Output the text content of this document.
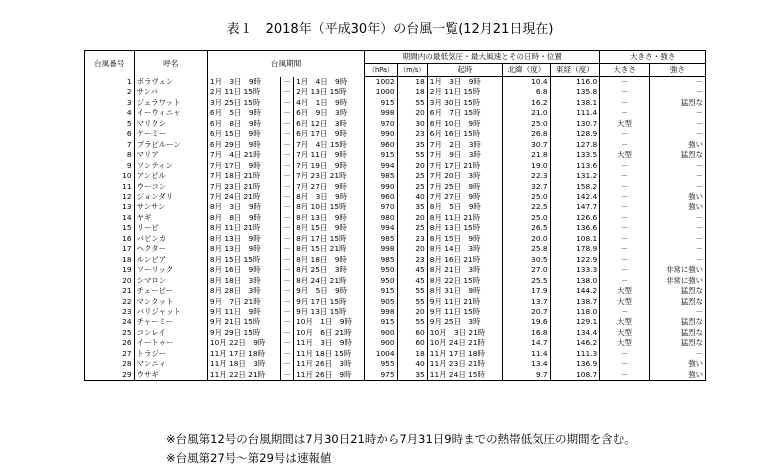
表１　2018年（平成30年）の台風一覧(12月21日現在)
台風番号	呼名	台風期間			期間内の最低気圧・最大風速とその日時・位置					大きさ・強さ	
					（hPa）	（m/s）	起時	北緯（度）	東経（度）	大きさ	強さ
1	ボラヴェン	1月　3日　9時	－	1月　4日　9時	1002	18	1月　3日　9時	10.4	116.0	－	－
2	サンバ	2月 11日 15時	－	2月 13日 15時	1000	18	2月 11日 15時	6.8	135.8	－	－
3	ジェラワット	3月 25日 15時	－	4月　1日　9時	915	55	3月 30日 15時	16.2	138.1	－	猛烈な
4	イーウィニャ	6月　5日　9時	－	6月　9日　3時	998	20	6月　7日 15時	21.0	111.4	－	－
5	マリクシ	6月　8日　9時	－	6月 12日　3時	970	30	6月 10日　9時	25.0	130.7	大型	－
6	ケーミー	6月 15日　9時	－	6月 17日　9時	990	23	6月 16日 15時	26.8	128.9	－	－
7	プラピルーン	6月 29日　9時	－	7月　4日 15時	960	35	7月　2日　3時	30.7	127.8	－	強い
8	マリア	7月　4日 21時	－	7月 11日　9時	915	55	7月　9日　3時	21.8	133.5	大型	猛烈な
9	ソンティン	7月 17日　9時	－	7月 19日　9時	994	20	7月 17日 21時	19.0	113.6	－	－
10	アンピル	7月 18日 21時	－	7月 23日 21時	985	25	7月 20日　3時	22.3	131.2	－	－
11	ウーコン	7月 23日 21時	－	7月 27日　9時	990	25	7月 25日　9時	32.7	158.2	－	－
12	ジョンダリ	7月 24日 21時	－	8月　3日　9時	960	40	7月 27日　9時	25.0	142.4	－	強い
13	サンサン	8月　3日　9時	－	8月 10日 15時	970	35	8月　5日　9時	22.5	147.7	－	強い
14	ヤギ	8月　8日　9時	－	8月 13日　9時	980	20	8月 11日 21時	25.0	126.6	－	－
15	リーピ	8月 11日 21時	－	8月 15日　9時	994	25	8月 13日 15時	26.5	136.6	－	－
16	バビンカ	8月 13日　9時	－	8月 17日 15時	985	23	8月 15日　9時	20.0	108.1	－	－
17	ヘクター	8月 13日　9時	－	8月 15日 21時	998	20	8月 14日　3時	25.8	178.9	－	－
18	ルンビア	8月 15日 15時	－	8月 18日　9時	985	23	8月 16日 21時	30.5	122.9	－	－
19	ソーリック	8月 16日　9時	－	8月 25日　3時	950	45	8月 21日　3時	27.0	133.3	－	非常に強い
20	シマロン	8月 18日　3時	－	8月 24日 21時	950	45	8月 22日 15時	25.5	138.0	－	非常に強い
21	チェービー	8月 28日　3時	－	9月　5日　9時	915	55	8月 31日　9時	17.9	144.2	大型	猛烈な
22	マンクット	9月　7日 21時	－	9月 17日 15時	905	55	9月 11日 21時	13.7	138.7	大型	猛烈な
23	バリジャット	9月 11日　9時	－	9月 13日 15時	998	20	9月 11日 15時	20.7	118.0	－	－
24	チャーミー	9月 21日 15時	－	10月　1日　9時	915	55	9月 25日　3時	19.6	129.1	大型	猛烈な
25	コンレイ	9月 29日 15時	－	10月　6日 21時	900	60	10月　3日 21時	16.8	134.4	大型	猛烈な
26	イートゥー	10月 22日　9時	－	11月　3日　9時	900	60	10月 24日 21時	14.7	146.2	大型	猛烈な
27	トラジー	11月 17日 18時	－	11月 18日 15時	1004	18	11月 17日 18時	11.4	111.3	－	－
28	マンニィ	11月 18日　3時	－	11月 26日　3時	955	40	11月 23日 21時	13.4	136.9	－	強い
29	ウサギ	11月 22日 21時	－	11月 26日　9時	975	35	11月 24日 15時	9.7	108.7	－	強い
※台風第12号の台風期間は7月30日21時から7月31日9時までの熱帯低気圧の期間を含む。
※台風第27号～第29号は速報値
